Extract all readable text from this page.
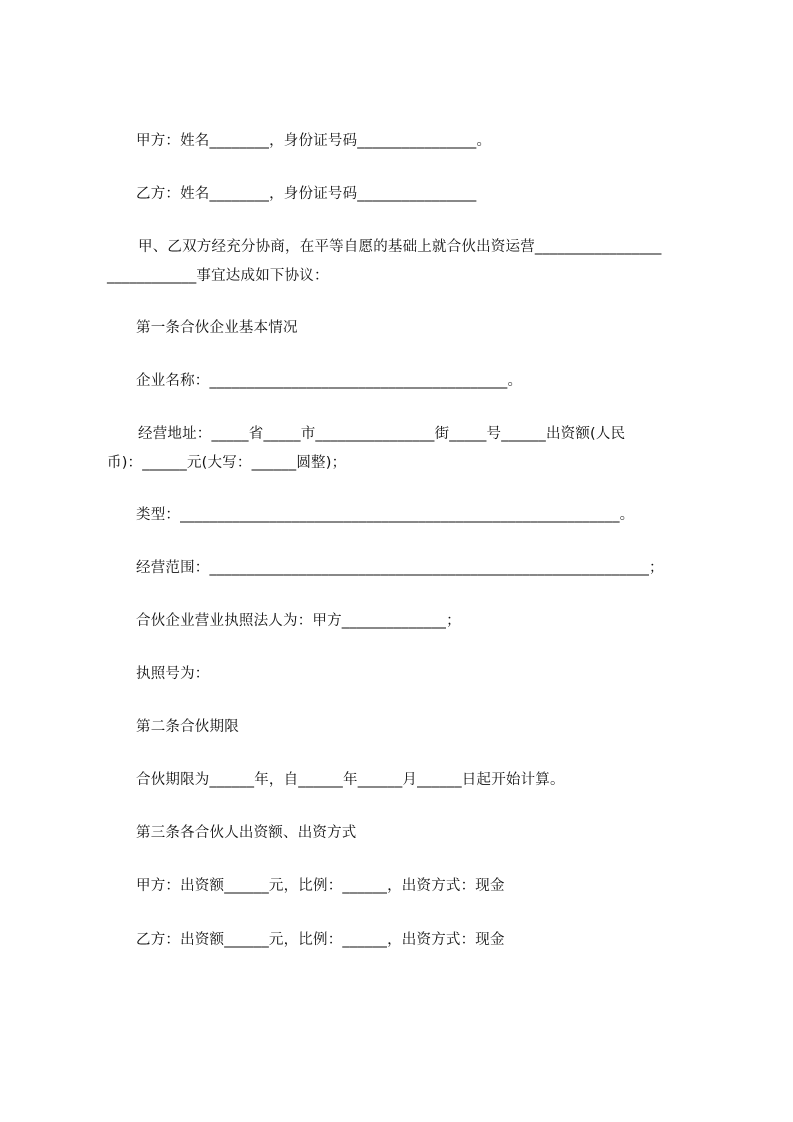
甲方：姓名________，身份证号码________________。
乙方：姓名________，身份证号码________________
甲、乙双方经充分协商，在平等自愿的基础上就合伙出资运营_________________
____________事宜达成如下协议：
第一条合伙企业基本情况
企业名称：________________________________________。
经营地址：_____省_____市________________街_____号______出资额(人民
币)：______元(大写：______圆整)；
类型：___________________________________________________________。
经营范围：___________________________________________________________；
合伙企业营业执照法人为：甲方______________；
执照号为：
第二条合伙期限
合伙期限为______年，自______年______月______日起开始计算。
第三条各合伙人出资额、出资方式
甲方：出资额______元，比例：______，出资方式：现金
乙方：出资额______元，比例：______，出资方式：现金
